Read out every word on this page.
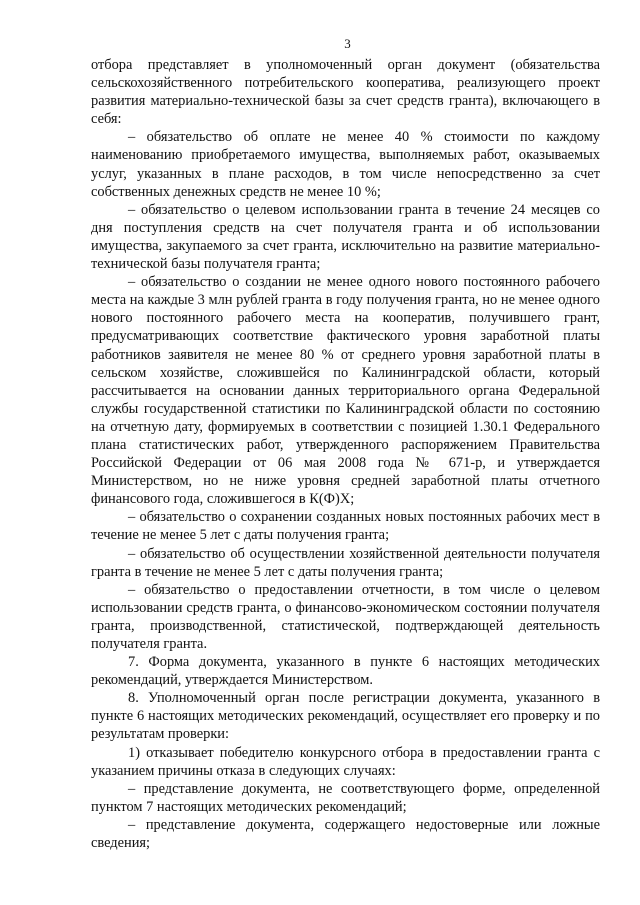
3

отбора представляет в уполномоченный орган документ (обязательства сельскохозяйственного потребительского кооператива, реализующего проект развития материально-технической базы за счет средств гранта), включающего в себя:

– обязательство об оплате не менее 40 % стоимости по каждому наименованию приобретаемого имущества, выполняемых работ, оказываемых услуг, указанных в плане расходов, в том числе непосредственно за счет собственных денежных средств не менее 10 %;

– обязательство о целевом использовании гранта в течение 24 месяцев со дня поступления средств на счет получателя гранта и об использовании имущества, закупаемого за счет гранта, исключительно на развитие материально-технической базы получателя гранта;

– обязательство о создании не менее одного нового постоянного рабочего места на каждые 3 млн рублей гранта в году получения гранта, но не менее одного нового постоянного рабочего места на кооператив, получившего грант, предусматривающих соответствие фактического уровня заработной платы работников заявителя не менее 80 % от среднего уровня заработной платы в сельском хозяйстве, сложившейся по Калининградской области, который рассчитывается на основании данных территориального органа Федеральной службы государственной статистики по Калининградской области по состоянию на отчетную дату, формируемых в соответствии с позицией 1.30.1 Федерального плана статистических работ, утвержденного распоряжением Правительства Российской Федерации от 06 мая 2008 года № 671-р, и утверждается Министерством, но не ниже уровня средней заработной платы отчетного финансового года, сложившегося в К(Ф)Х;

– обязательство о сохранении созданных новых постоянных рабочих мест в течение не менее 5 лет с даты получения гранта;

– обязательство об осуществлении хозяйственной деятельности получателя гранта в течение не менее 5 лет с даты получения гранта;

– обязательство о предоставлении отчетности, в том числе о целевом использовании средств гранта, о финансово-экономическом состоянии получателя гранта, производственной, статистической, подтверждающей деятельность получателя гранта.

7. Форма документа, указанного в пункте 6 настоящих методических рекомендаций, утверждается Министерством.

8. Уполномоченный орган после регистрации документа, указанного в пункте 6 настоящих методических рекомендаций, осуществляет его проверку и по результатам проверки:

1) отказывает победителю конкурсного отбора в предоставлении гранта с указанием причины отказа в следующих случаях:

– представление документа, не соответствующего форме, определенной пунктом 7 настоящих методических рекомендаций;

– представление документа, содержащего недостоверные или ложные сведения;
